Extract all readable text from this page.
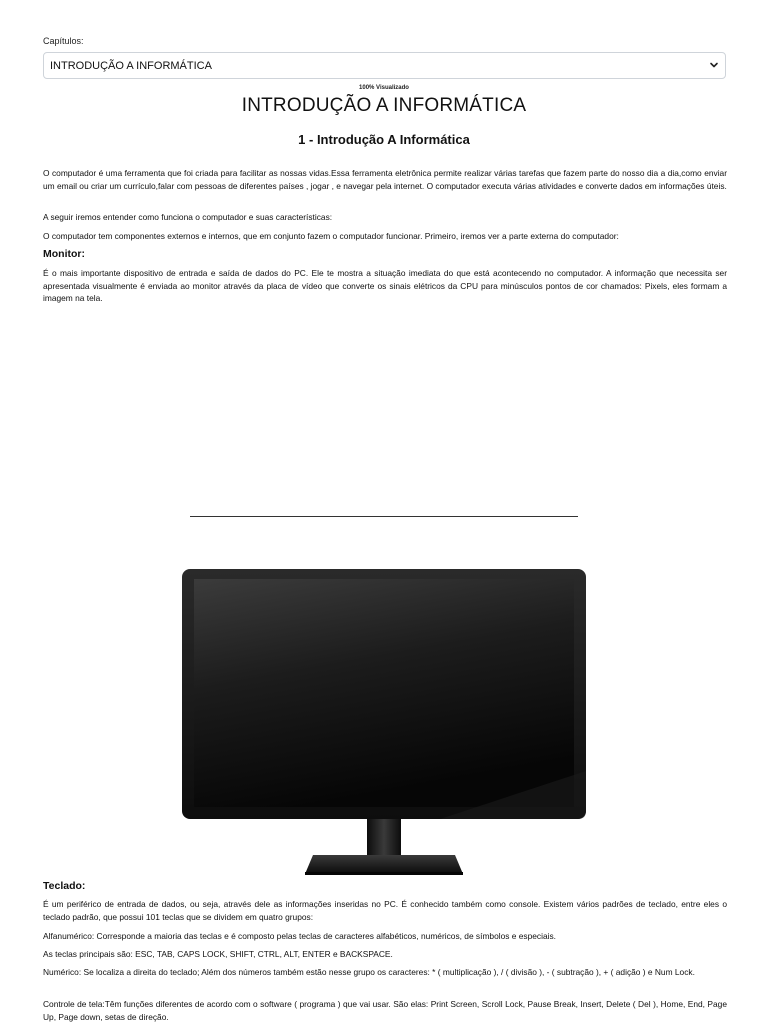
Capítulos:
INTRODUÇÃO A INFORMÁTICA
100% Visualizado
INTRODUÇÃO A INFORMÁTICA
1 - Introdução A Informática

O computador é uma ferramenta que foi criada para facilitar as nossas vidas.Essa ferramenta eletrônica permite realizar várias tarefas que fazem parte do nosso dia a dia,como enviar um email ou criar um currículo,falar com pessoas de diferentes países , jogar , e navegar pela internet. O computador executa várias atividades e converte dados em informações úteis.

A seguir iremos entender como funciona o computador e suas características:

O computador tem componentes externos e internos, que em conjunto fazem o computador funcionar. Primeiro, iremos ver a parte externa do computador:

Monitor:

É o mais importante dispositivo de entrada e saída de dados do PC. Ele te mostra a situação imediata do que está acontecendo no computador. A informação que necessita ser apresentada visualmente é enviada ao monitor através da placa de vídeo que converte os sinais elétricos da CPU para minúsculos pontos de cor chamados: Pixels, eles formam a imagem na tela.

Teclado:

É um periférico de entrada de dados, ou seja, através dele as informações inseridas no PC. É conhecido também como console. Existem vários padrões de teclado, entre eles o teclado padrão, que possui 101 teclas que se dividem em quatro grupos:

Alfanumérico: Corresponde a maioria das teclas e é composto pelas teclas de caracteres alfabéticos, numéricos, de símbolos e especiais.

As teclas principais são: ESC, TAB, CAPS LOCK, SHIFT, CTRL, ALT, ENTER e BACKSPACE.

Numérico: Se localiza a direita do teclado; Além dos números também estão nesse grupo os caracteres: * ( multiplicação ), / ( divisão ), - ( subtração ), + ( adição ) e Num Lock.

Controle de tela:Têm funções diferentes de acordo com o software ( programa ) que vai usar. São elas: Print Screen, Scroll Lock, Pause Break, Insert, Delete ( Del ), Home, End, Page Up, Page down, setas de direção.
